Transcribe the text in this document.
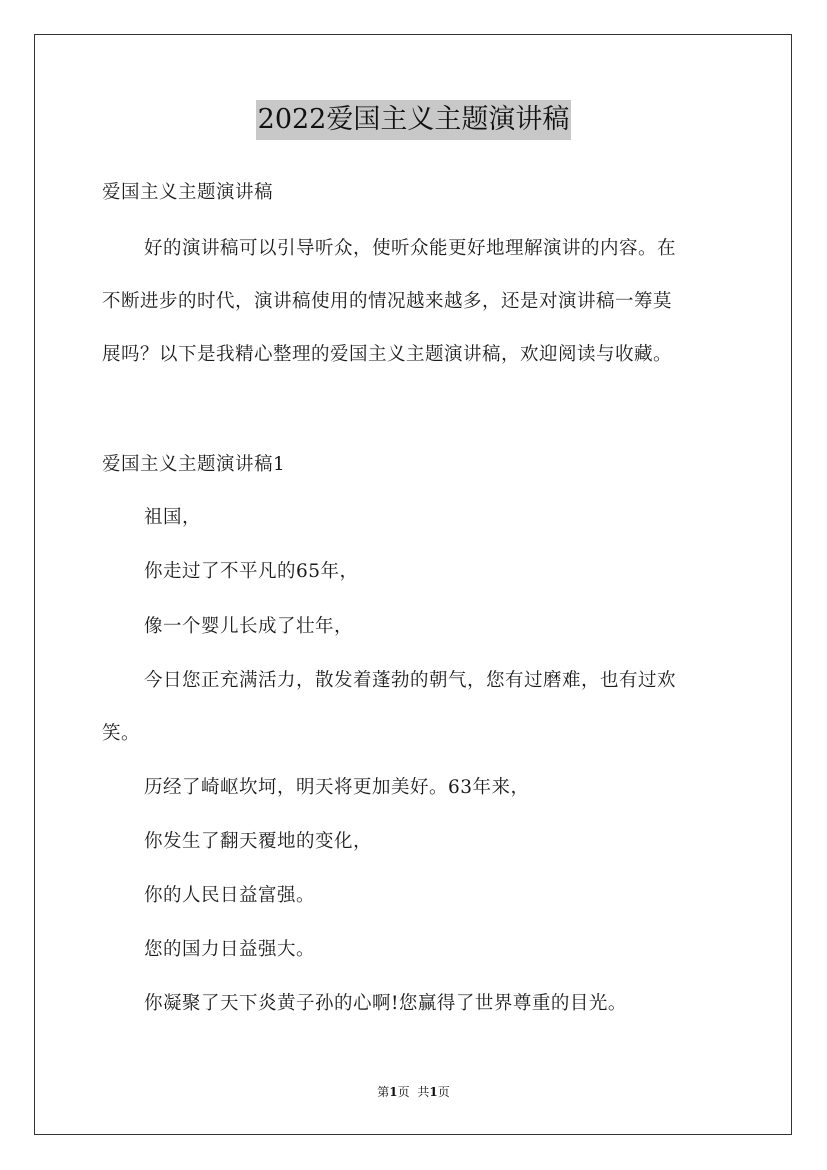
2022爱国主义主题演讲稿
爱国主义主题演讲稿
好的演讲稿可以引导听众，使听众能更好地理解演讲的内容。在
不断进步的时代，演讲稿使用的情况越来越多，还是对演讲稿一筹莫
展吗？以下是我精心整理的爱国主义主题演讲稿，欢迎阅读与收藏。
爱国主义主题演讲稿1
祖国，
你走过了不平凡的65年，
像一个婴儿长成了壮年，
今日您正充满活力，散发着蓬勃的朝气，您有过磨难，也有过欢
笑。
历经了崎岖坎坷，明天将更加美好。63年来，
你发生了翻天覆地的变化，
你的人民日益富强。
您的国力日益强大。
你凝聚了天下炎黄子孙的心啊!您赢得了世界尊重的目光。
第1页 共1页
